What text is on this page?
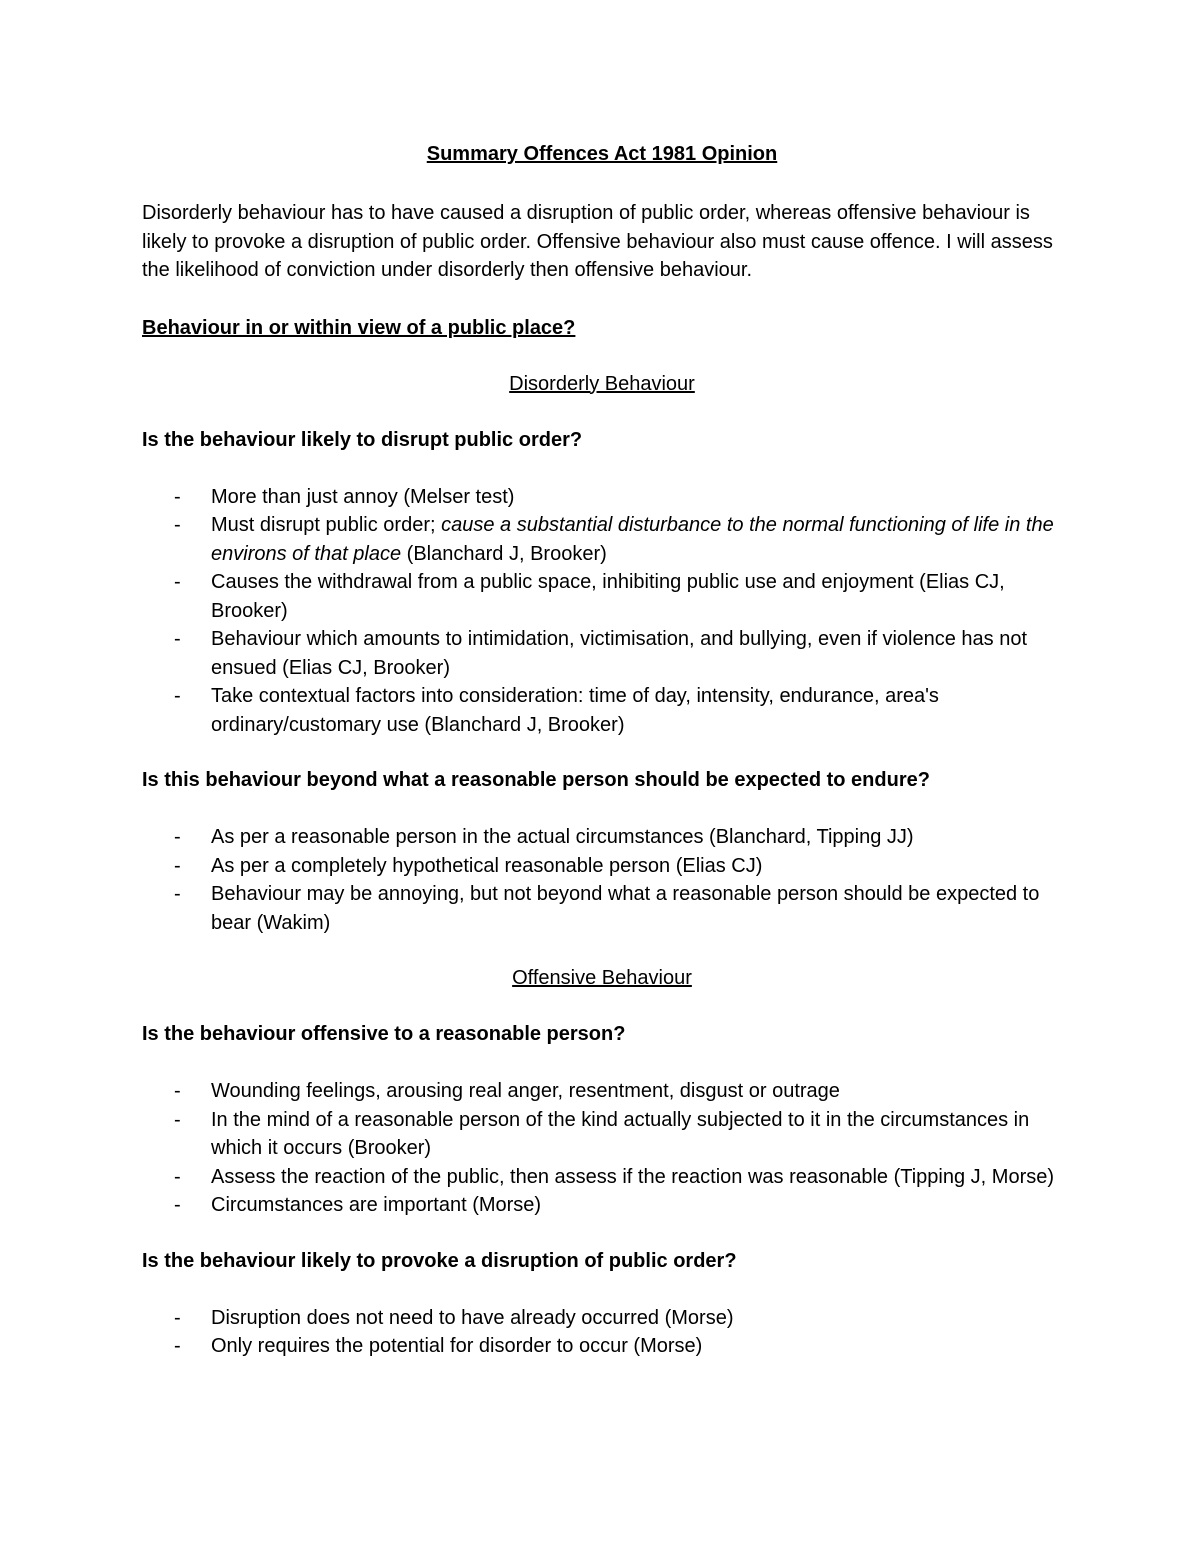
Summary Offences Act 1981 Opinion

Disorderly behaviour has to have caused a disruption of public order, whereas offensive behaviour is likely to provoke a disruption of public order. Offensive behaviour also must cause offence. I will assess the likelihood of conviction under disorderly then offensive behaviour.

Behaviour in or within view of a public place?
Disorderly Behaviour
Is the behaviour likely to disrupt public order?
- More than just annoy (Melser test)
- Must disrupt public order; cause a substantial disturbance to the normal functioning of life in the environs of that place (Blanchard J, Brooker)
- Causes the withdrawal from a public space, inhibiting public use and enjoyment (Elias CJ, Brooker)
- Behaviour which amounts to intimidation, victimisation, and bullying, even if violence has not ensued (Elias CJ, Brooker)
- Take contextual factors into consideration: time of day, intensity, endurance, area's ordinary/customary use (Blanchard J, Brooker)
Is this behaviour beyond what a reasonable person should be expected to endure?
- As per a reasonable person in the actual circumstances (Blanchard, Tipping JJ)
- As per a completely hypothetical reasonable person (Elias CJ)
- Behaviour may be annoying, but not beyond what a reasonable person should be expected to bear (Wakim)
Offensive Behaviour
Is the behaviour offensive to a reasonable person?
- Wounding feelings, arousing real anger, resentment, disgust or outrage
- In the mind of a reasonable person of the kind actually subjected to it in the circumstances in which it occurs (Brooker)
- Assess the reaction of the public, then assess if the reaction was reasonable (Tipping J, Morse)
- Circumstances are important (Morse)
Is the behaviour likely to provoke a disruption of public order?
- Disruption does not need to have already occurred (Morse)
- Only requires the potential for disorder to occur (Morse)
